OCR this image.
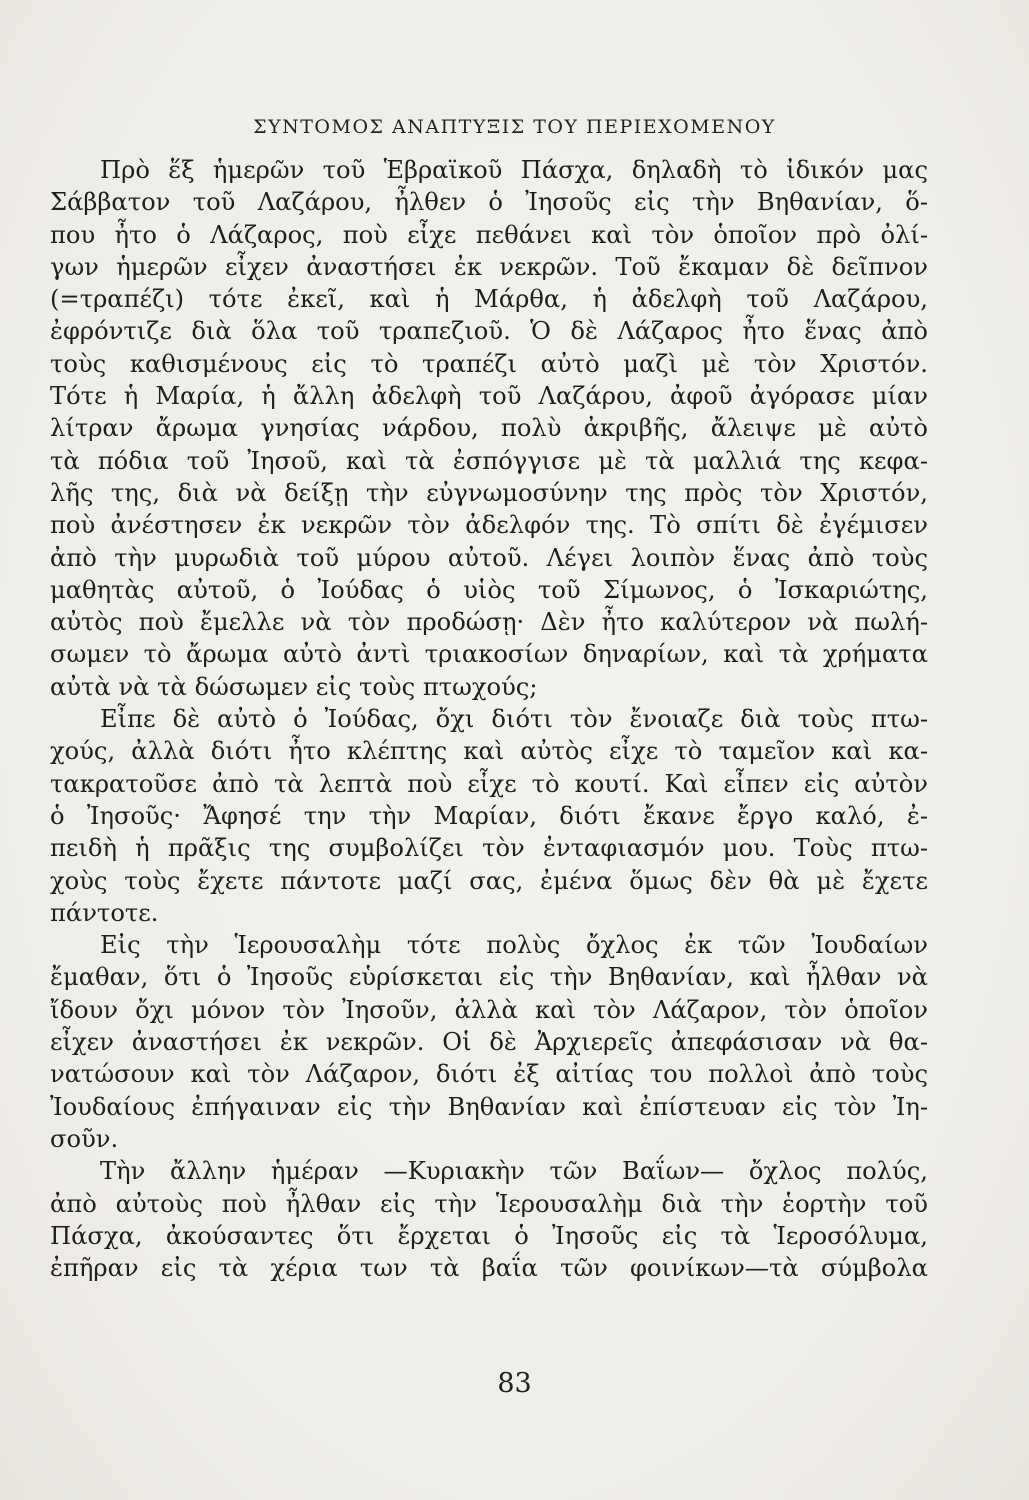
ΣΥΝΤΟΜΟΣ ΑΝΑΠΤΥΞΙΣ ΤΟΥ ΠΕΡΙΕΧΟΜΕΝΟΥ
Πρὸ ἕξ ἡμερῶν τοῦ Ἑβραϊκοῦ Πάσχα, δηλαδὴ τὸ ἰδικόν μας
Σάββατον τοῦ Λαζάρου, ἦλθεν ὁ Ἰησοῦς εἰς τὴν Βηθανίαν, ὅ-
που ἦτο ὁ Λάζαρος, ποὺ εἶχε πεθάνει καὶ τὸν ὁποῖον πρὸ ὀλί-
γων ἡμερῶν εἶχεν ἀναστήσει ἐκ νεκρῶν. Τοῦ ἔκαμαν δὲ δεῖπνον
(=τραπέζι) τότε ἐκεῖ, καὶ ἡ Μάρθα, ἡ ἀδελφὴ τοῦ Λαζάρου,
ἐφρόντιζε διὰ ὅλα τοῦ τραπεζιοῦ. Ὁ δὲ Λάζαρος ἦτο ἕνας ἀπὸ
τοὺς καθισμένους εἰς τὸ τραπέζι αὐτὸ μαζὶ μὲ τὸν Χριστόν.
Τότε ἡ Μαρία, ἡ ἄλλη ἀδελφὴ τοῦ Λαζάρου, ἀφοῦ ἀγόρασε μίαν
λίτραν ἄρωμα γνησίας νάρδου, πολὺ ἀκριβῆς, ἄλειψε μὲ αὐτὸ
τὰ πόδια τοῦ Ἰησοῦ, καὶ τὰ ἐσπόγγισε μὲ τὰ μαλλιά της κεφα-
λῆς της, διὰ νὰ δείξῃ τὴν εὐγνωμοσύνην της πρὸς τὸν Χριστόν,
ποὺ ἀνέστησεν ἐκ νεκρῶν τὸν ἀδελφόν της. Τὸ σπίτι δὲ ἐγέμισεν
ἀπὸ τὴν μυρωδιὰ τοῦ μύρου αὐτοῦ. Λέγει λοιπὸν ἕνας ἀπὸ τοὺς
μαθητὰς αὐτοῦ, ὁ Ἰούδας ὁ υἱὸς τοῦ Σίμωνος, ὁ Ἰσκαριώτης,
αὐτὸς ποὺ ἔμελλε νὰ τὸν προδώσῃ· Δὲν ἦτο καλύτερον νὰ πωλή-
σωμεν τὸ ἄρωμα αὐτὸ ἀντὶ τριακοσίων δηναρίων, καὶ τὰ χρήματα
αὐτὰ νὰ τὰ δώσωμεν εἰς τοὺς πτωχούς;
Εἶπε δὲ αὐτὸ ὁ Ἰούδας, ὄχι διότι τὸν ἔνοιαζε διὰ τοὺς πτω-
χούς, ἀλλὰ διότι ἦτο κλέπτης καὶ αὐτὸς εἶχε τὸ ταμεῖον καὶ κα-
τακρατοῦσε ἀπὸ τὰ λεπτὰ ποὺ εἶχε τὸ κουτί. Καὶ εἶπεν εἰς αὐτὸν
ὁ Ἰησοῦς· Ἄφησέ την τὴν Μαρίαν, διότι ἔκανε ἔργο καλό, ἐ-
πειδὴ ἡ πρᾶξις της συμβολίζει τὸν ἐνταφιασμόν μου. Τοὺς πτω-
χοὺς τοὺς ἔχετε πάντοτε μαζί σας, ἐμένα ὅμως δὲν θὰ μὲ ἔχετε
πάντοτε.
Εἰς τὴν Ἱερουσαλὴμ τότε πολὺς ὄχλος ἐκ τῶν Ἰουδαίων
ἔμαθαν, ὅτι ὁ Ἰησοῦς εὑρίσκεται εἰς τὴν Βηθανίαν, καὶ ἦλθαν νὰ
ἴδουν ὄχι μόνον τὸν Ἰησοῦν, ἀλλὰ καὶ τὸν Λάζαρον, τὸν ὁποῖον
εἶχεν ἀναστήσει ἐκ νεκρῶν. Οἱ δὲ Ἀρχιερεῖς ἀπεφάσισαν νὰ θα-
νατώσουν καὶ τὸν Λάζαρον, διότι ἐξ αἰτίας του πολλοὶ ἀπὸ τοὺς
Ἰουδαίους ἐπήγαιναν εἰς τὴν Βηθανίαν καὶ ἐπίστευαν εἰς τὸν Ἰη-
σοῦν.
Τὴν ἄλλην ἡμέραν —Κυριακὴν τῶν Βαΐων— ὄχλος πολύς,
ἀπὸ αὐτοὺς ποὺ ἦλθαν εἰς τὴν Ἱερουσαλὴμ διὰ τὴν ἑορτὴν τοῦ
Πάσχα, ἀκούσαντες ὅτι ἔρχεται ὁ Ἰησοῦς εἰς τὰ Ἱεροσόλυμα,
ἐπῆραν εἰς τὰ χέρια των τὰ βαΐα τῶν φοινίκων—τὰ σύμβολα
83
